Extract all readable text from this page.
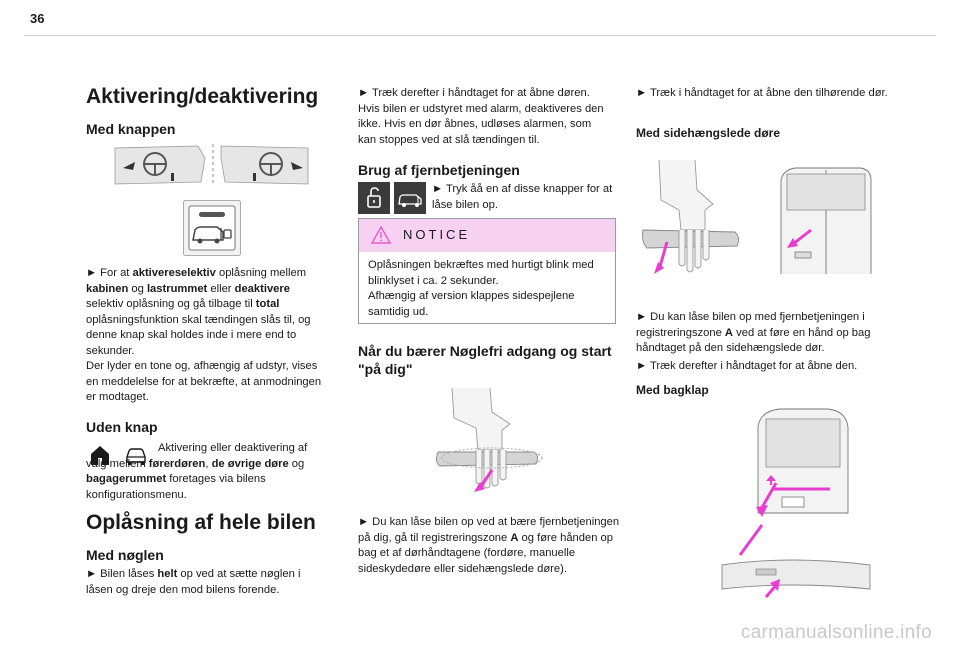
36
Aktivering/deaktivering
Med knappen

► For at aktivereselektiv oplåsning mellem kabinen og lastrummet eller deaktivere selektiv oplåsning og gå tilbage til total oplåsningsfunktion skal tændingen slås til, og denne knap skal holdes inde i mere end to sekunder.

Der lyder en tone og, afhængig af udstyr, vises en meddelelse for at bekræfte, at anmodningen er modtaget.

Uden knap

Aktivering eller deaktivering af valg mellem førerdøren, de øvrige døre og bagagerummet foretages via bilens konfigurationsmenu.

Oplåsning af hele bilen
Med nøglen

► Bilen låses helt op ved at sætte nøglen i låsen og dreje den mod bilens forende.

► Træk derefter i håndtaget for at åbne døren. Hvis bilen er udstyret med alarm, deaktiveres den ikke. Hvis en dør åbnes, udløses alarmen, som kan stoppes ved at slå tændingen til.

Brug af fjernbetjeningen

► Tryk åå en af disse knapper for at låse bilen op.

NOTICE
Oplåsningen bekræftes med hurtigt blink med blinklyset i ca. 2 sekunder.
Afhængig af version klappes sidespejlene samtidig ud.
Når du bærer Nøglefri adgang og start "på dig"

► Du kan låse bilen op ved at bære fjernbetjeningen på dig, gå til registreringszone A og føre hånden op bag et af dørhåndtagene (fordøre, manuelle sideskydedøre eller sidehængslede døre).

► Træk i håndtaget for at åbne den tilhørende dør.

Med sidehængslede døre

► Du kan låse bilen op med fjernbetjeningen i registreringszone A ved at føre en hånd op bag håndtaget på den sidehængslede dør.

► Træk derefter i håndtaget for at åbne den.

Med bagklap
carmanualsonline.info
